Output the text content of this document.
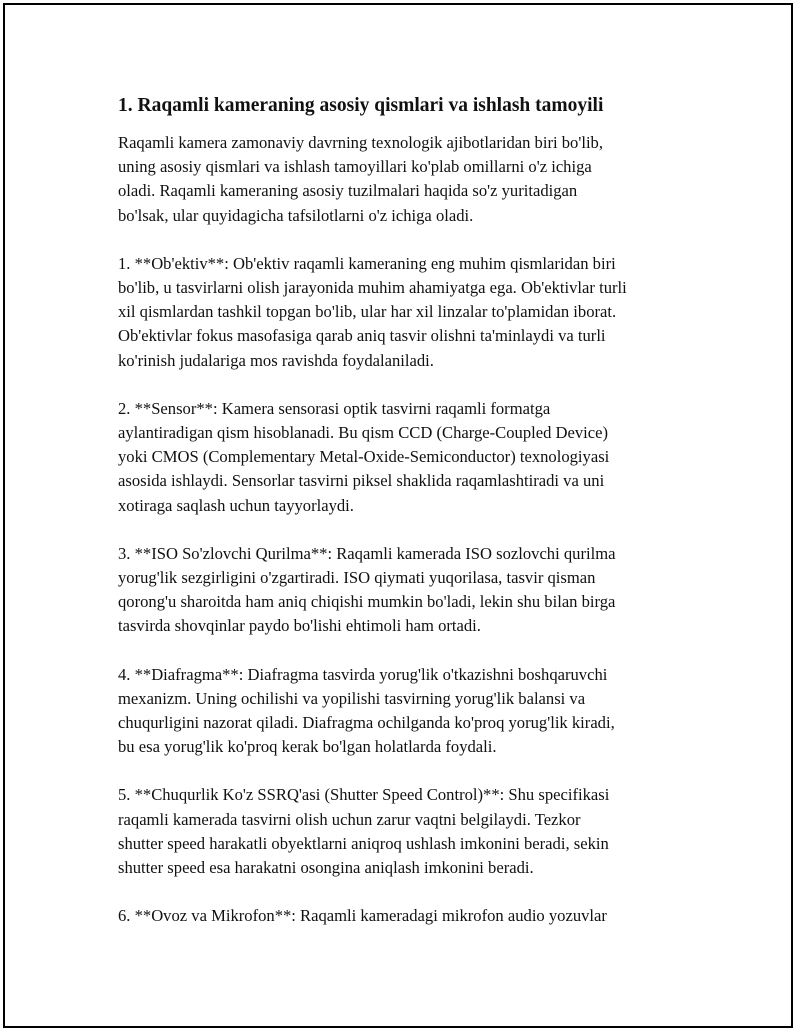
1. Raqamli kameraning asosiy qismlari va ishlash tamoyili

Raqamli kamera zamonaviy davrning texnologik ajibotlaridan biri bo'lib,
uning asosiy qismlari va ishlash tamoyillari ko'plab omillarni o'z ichiga
oladi. Raqamli kameraning asosiy tuzilmalari haqida so'z yuritadigan
bo'lsak, ular quyidagicha tafsilotlarni o'z ichiga oladi.

1. **Ob'ektiv**: Ob'ektiv raqamli kameraning eng muhim qismlaridan biri
bo'lib, u tasvirlarni olish jarayonida muhim ahamiyatga ega. Ob'ektivlar turli
xil qismlardan tashkil topgan bo'lib, ular har xil linzalar to'plamidan iborat.
Ob'ektivlar fokus masofasiga qarab aniq tasvir olishni ta'minlaydi va turli
ko'rinish judalariga mos ravishda foydalaniladi.

2. **Sensor**: Kamera sensorasi optik tasvirni raqamli formatga
aylantiradigan qism hisoblanadi. Bu qism CCD (Charge-Coupled Device)
yoki CMOS (Complementary Metal-Oxide-Semiconductor) texnologiyasi
asosida ishlaydi. Sensorlar tasvirni piksel shaklida raqamlashtiradi va uni
xotiraga saqlash uchun tayyorlaydi.

3. **ISO So'zlovchi Qurilma**: Raqamli kamerada ISO sozlovchi qurilma
yorug'lik sezgirligini o'zgartiradi. ISO qiymati yuqorilasa, tasvir qisman
qorong'u sharoitda ham aniq chiqishi mumkin bo'ladi, lekin shu bilan birga
tasvirda shovqinlar paydo bo'lishi ehtimoli ham ortadi.

4. **Diafragma**: Diafragma tasvirda yorug'lik o'tkazishni boshqaruvchi
mexanizm. Uning ochilishi va yopilishi tasvirning yorug'lik balansi va
chuqurligini nazorat qiladi. Diafragma ochilganda ko'proq yorug'lik kiradi,
bu esa yorug'lik ko'proq kerak bo'lgan holatlarda foydali.

5. **Chuqurlik Ko'z SSRQ'asi (Shutter Speed Control)**: Shu specifikasi
raqamli kamerada tasvirni olish uchun zarur vaqtni belgilaydi. Tezkor
shutter speed harakatli obyektlarni aniqroq ushlash imkonini beradi, sekin
shutter speed esa harakatni osongina aniqlash imkonini beradi.

6. **Ovoz va Mikrofon**: Raqamli kameradagi mikrofon audio yozuvlar
